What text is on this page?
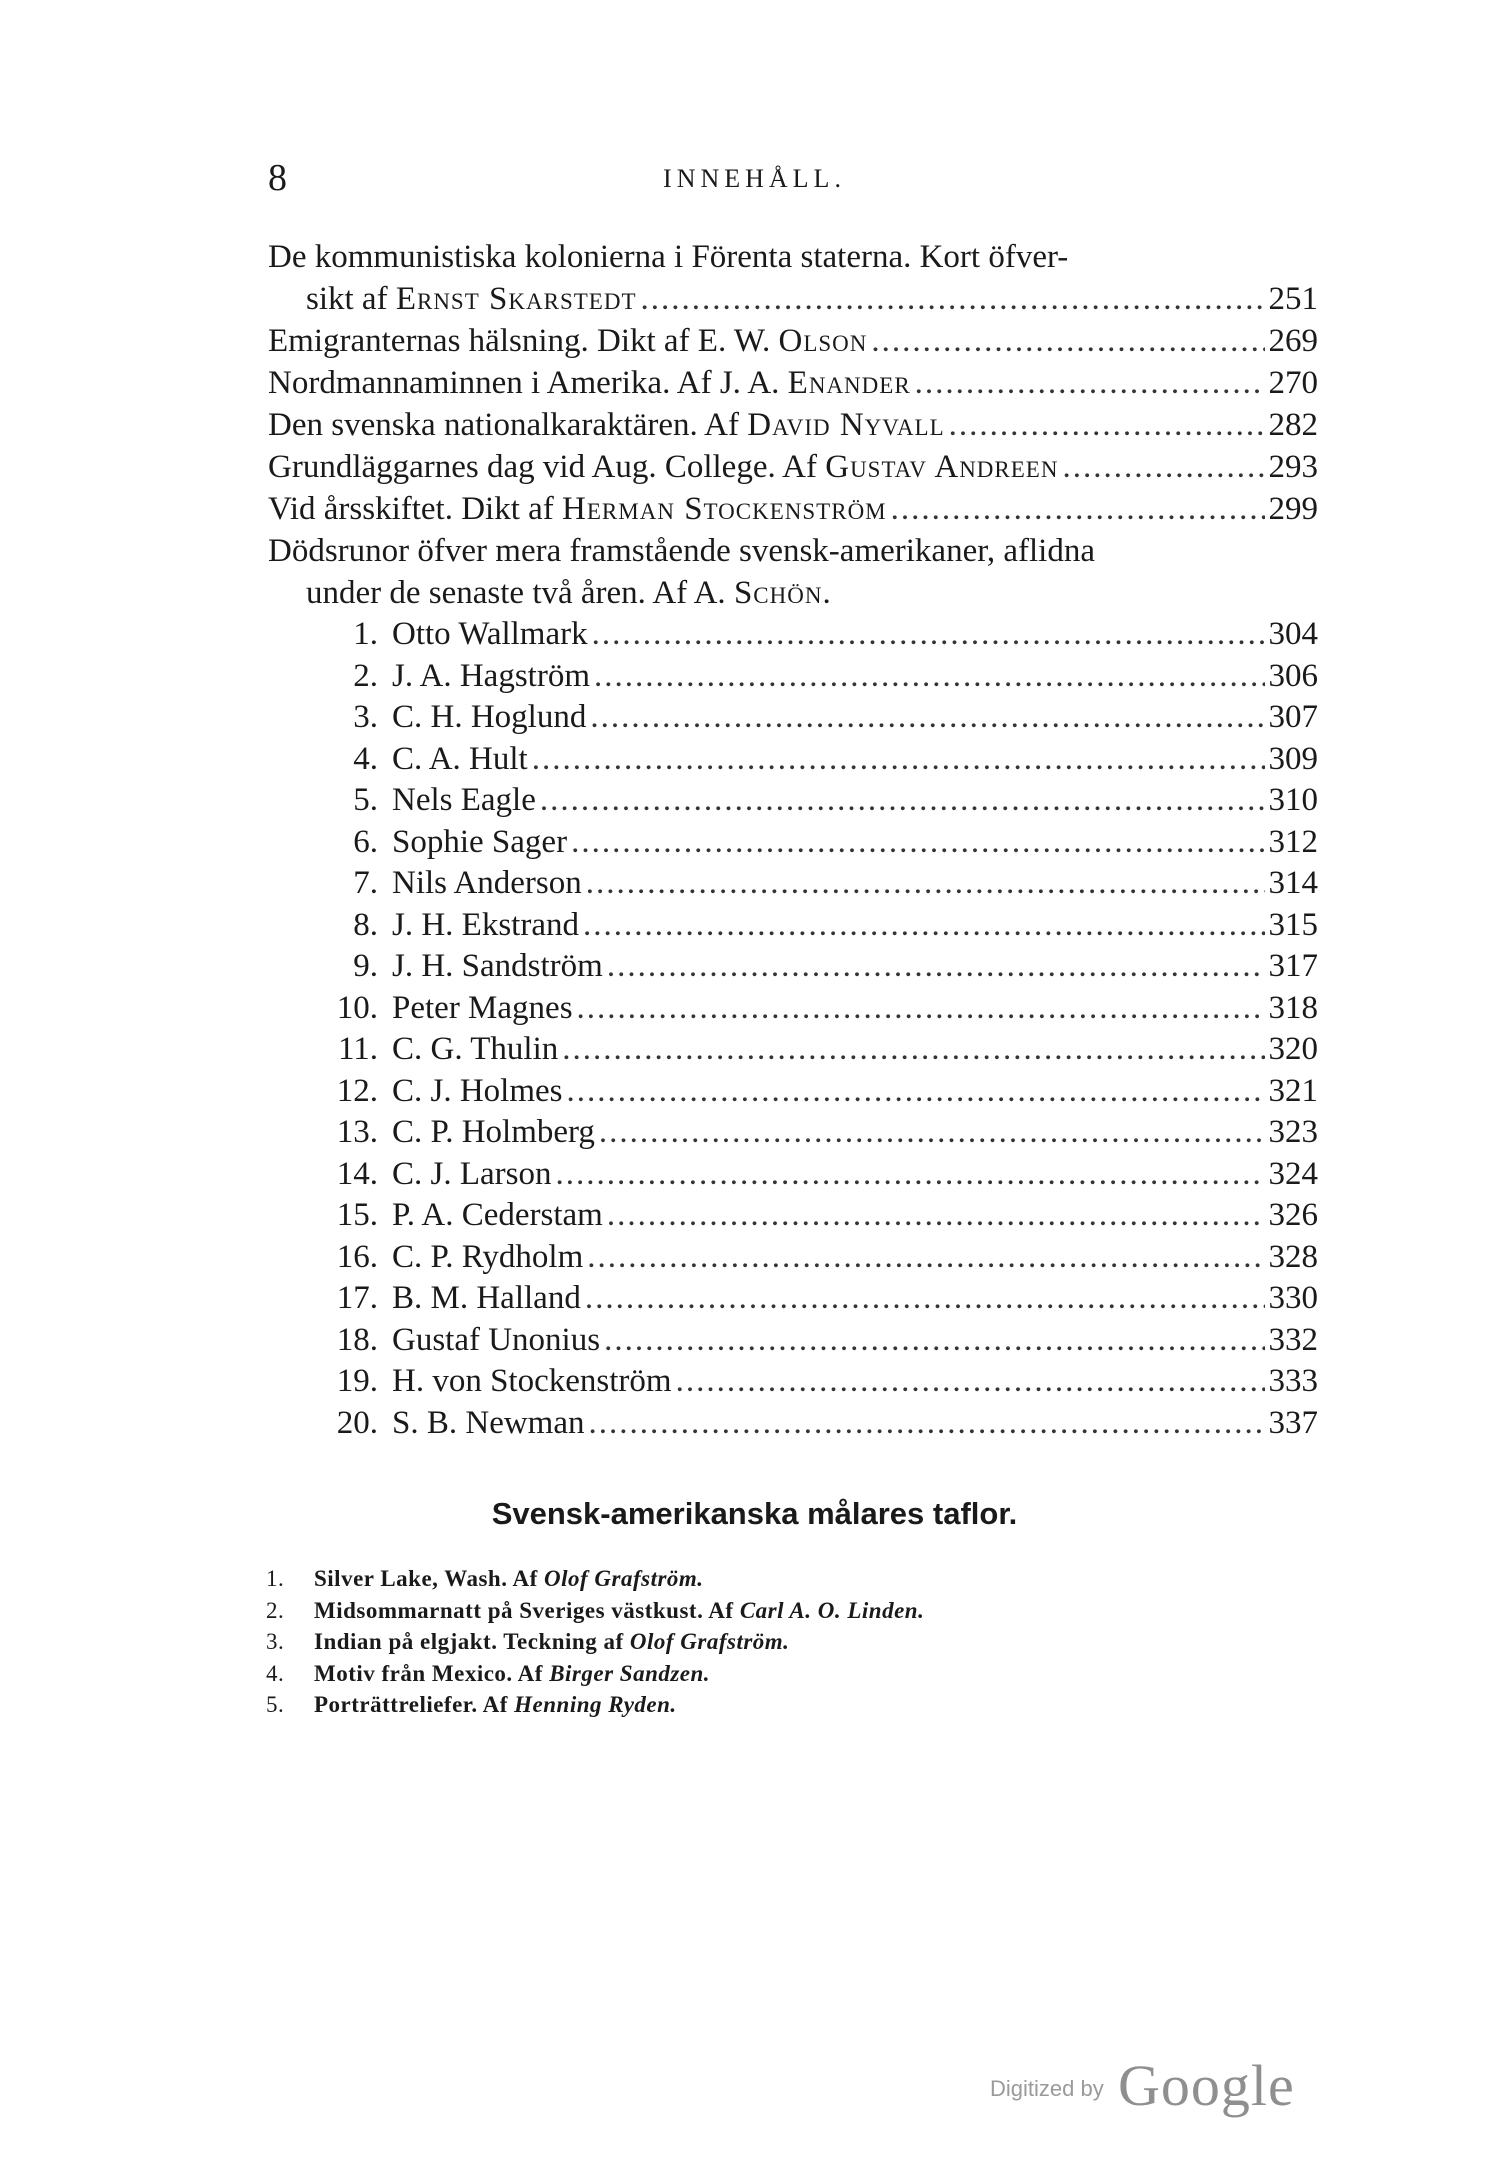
8	INNEHÅLL.
De kommunistiska kolonierna i Förenta staterna. Kort öfver-
sikt af
Ernst Skarstedt .....	251
Emigranternas hälsning. Dikt af E. W.
Olson .....	269
Nordmannaminnen i Amerika. Af J. A.
Enander .....	270
Den svenska nationalkaraktären. Af
David Nyvall .....	282
Grundläggarnes dag vid Aug. College. Af
Gustav Andreen .....	293
Vid årsskiftet. Dikt af
Herman Stockenström .....	299
Dödsrunor öfver mera framstående svensk-amerikaner, aflidna
under de senaste två åren. Af A.
Schön.
1. Otto Wallmark .....	304
2. J. A. Hagström .....	306
3. C. H. Hoglund .....	307
4. C. A. Hult .....	309
5. Nels Eagle .....	310
6. Sophie Sager .....	312
7. Nils Anderson .....	314
8. J. H. Ekstrand .....	315
9. J. H. Sandström .....	317
10. Peter Magnes .....	318
11. C. G. Thulin .....	320
12. C. J. Holmes .....	321
13. C. P. Holmberg .....	323
14. C. J. Larson .....	324
15. P. A. Cederstam .....	326
16. C. P. Rydholm .....	328
17. B. M. Halland .....	330
18. Gustaf Unonius .....	332
19. H. von Stockenström .....	333
20. S. B. Newman .....	337
Svensk-amerikanska målares taflor.
1. Silver Lake, Wash. Af Olof Grafström.
2. Midsommarnatt på Sveriges västkust. Af Carl A. O. Linden.
3. Indian på elgjakt. Teckning af Olof Grafström.
4. Motiv från Mexico. Af Birger Sandzen.
5. Porträttreliefer. Af Henning Ryden.
Digitized by Google
